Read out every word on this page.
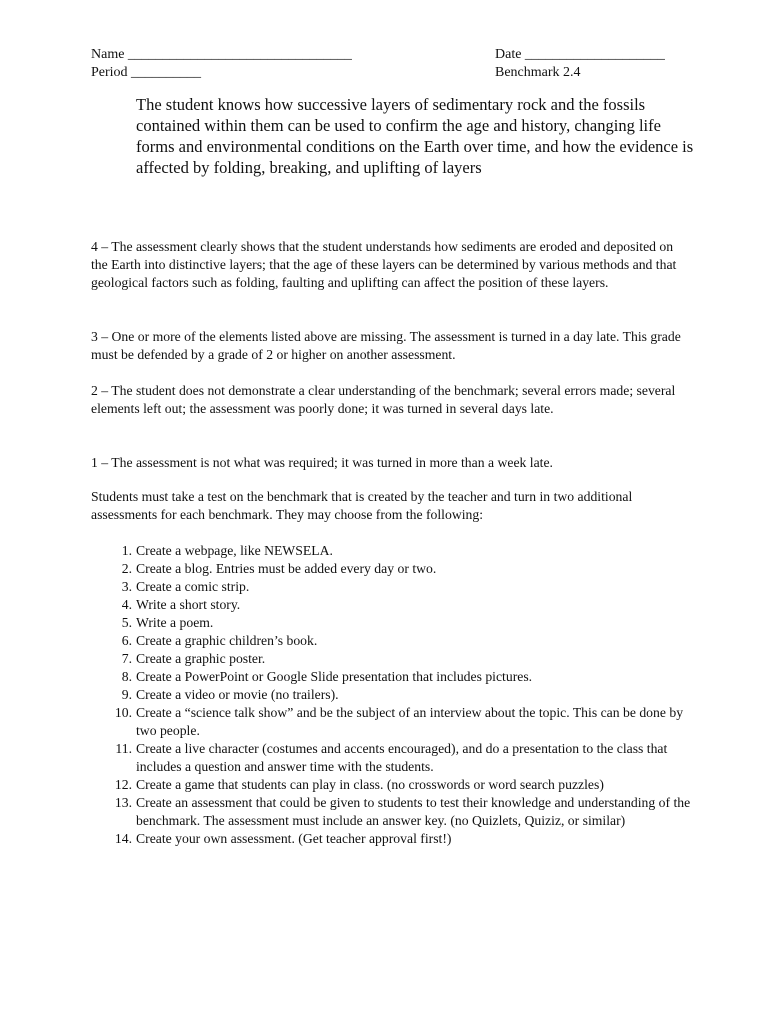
Name ________________________________
Period __________
Date ____________________
Benchmark 2.4
The student knows how successive layers of sedimentary rock and the fossils contained within them can be used to confirm the age and history, changing life forms and environmental conditions on the Earth over time, and how the evidence is affected by folding, breaking, and uplifting of layers
4 – The assessment clearly shows that the student understands how sediments are eroded and deposited on the Earth into distinctive layers; that the age of these layers can be determined by various methods and that geological factors such as folding, faulting and uplifting can affect the position of these layers.
3 – One or more of the elements listed above are missing. The assessment is turned in a day late. This grade must be defended by a grade of 2 or higher on another assessment.
2 – The student does not demonstrate a clear understanding of the benchmark; several errors made; several elements left out; the assessment was poorly done; it was turned in several days late.
1 – The assessment is not what was required; it was turned in more than a week late.
Students must take a test on the benchmark that is created by the teacher and turn in two additional assessments for each benchmark. They may choose from the following:
1. Create a webpage, like NEWSELA.
2. Create a blog. Entries must be added every day or two.
3. Create a comic strip.
4. Write a short story.
5. Write a poem.
6. Create a graphic children’s book.
7. Create a graphic poster.
8. Create a PowerPoint or Google Slide presentation that includes pictures.
9. Create a video or movie (no trailers).
10. Create a “science talk show” and be the subject of an interview about the topic. This can be done by two people.
11. Create a live character (costumes and accents encouraged), and do a presentation to the class that includes a question and answer time with the students.
12. Create a game that students can play in class. (no crosswords or word search puzzles)
13. Create an assessment that could be given to students to test their knowledge and understanding of the benchmark. The assessment must include an answer key. (no Quizlets, Quiziz, or similar)
14. Create your own assessment. (Get teacher approval first!)
